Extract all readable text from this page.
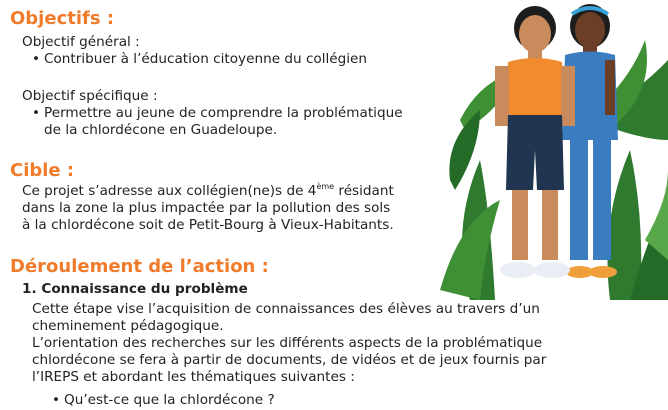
Objectifs :

Objectif général :

• Contribuer à l’éducation citoyenne du collégien

Objectif spécifique :

• Permettre au jeune de comprendre la problématique

de la chlordécone en Guadeloupe.

Cible :

Ce projet s’adresse aux collégien(ne)s de 4ème résidant

dans la zone la plus impactée par la pollution des sols

à la chlordécone soit de Petit-Bourg à Vieux-Habitants.

Déroulement de l’action :

1. Connaissance du problème

Cette étape vise l’acquisition de connaissances des élèves au travers d’un

cheminement pédagogique.

L’orientation des recherches sur les différents aspects de la problématique

chlordécone se fera à partir de documents, de vidéos et de jeux fournis par

l’IREPS et abordant les thématiques suivantes :

• Qu’est-ce que la chlordécone ?
